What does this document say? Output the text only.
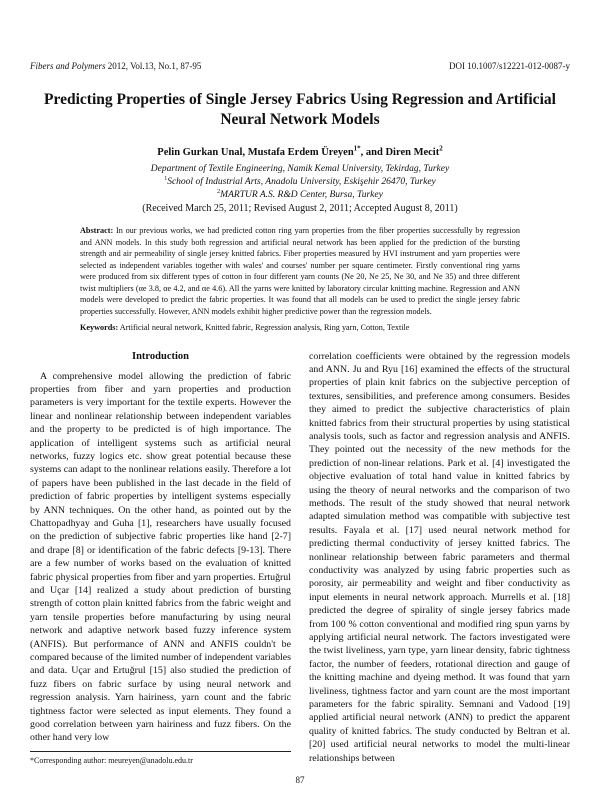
Fibers and Polymers 2012, Vol.13, No.1, 87-95	DOI 10.1007/s12221-012-0087-y
Predicting Properties of Single Jersey Fabrics Using Regression and Artificial Neural Network Models
Pelin Gurkan Unal, Mustafa Erdem Üreyen$^{1*}$, and Diren Mecit$^2$
Department of Textile Engineering, Namik Kemal University, Tekirdag, Turkey
$^1$School of Industrial Arts, Anadolu University, Eskişehir 26470, Turkey
$^2$MARTUR A.S. R&D Center, Bursa, Turkey
(Received March 25, 2011; Revised August 2, 2011; Accepted August 8, 2011)
Abstract: In our previous works, we had predicted cotton ring yarn properties from the fiber properties successfully by regression and ANN models. In this study both regression and artificial neural network has been applied for the prediction of the bursting strength and air permeability of single jersey knitted fabrics. Fiber properties measured by HVI instrument and yarn properties were selected as independent variables together with wales' and courses' number per square centimeter. Firstly conventional ring yarns were produced from six different types of cotton in four different yarn counts (Ne 20, Ne 25, Ne 30, and Ne 35) and three different twist multipliers (αe 3.8, αe 4.2, and αe 4.6). All the yarns were knitted by laboratory circular knitting machine. Regression and ANN models were developed to predict the fabric properties. It was found that all models can be used to predict the single jersey fabric properties successfully. However, ANN models exhibit higher predictive power than the regression models.
Keywords: Artificial neural network, Knitted fabric, Regression analysis, Ring yarn, Cotton, Textile
Introduction

A comprehensive model allowing the prediction of fabric properties from fiber and yarn properties and production parameters is very important for the textile experts. However the linear and nonlinear relationship between independent variables and the property to be predicted is of high importance. The application of intelligent systems such as artificial neural networks, fuzzy logics etc. show great potential because these systems can adapt to the nonlinear relations easily. Therefore a lot of papers have been published in the last decade in the field of prediction of fabric properties by intelligent systems especially by ANN techniques. On the other hand, as pointed out by the Chattopadhyay and Guha [1], researchers have usually focused on the prediction of subjective fabric properties like hand [2-7] and drape [8] or identification of the fabric defects [9-13]. There are a few number of works based on the evaluation of knitted fabric physical properties from fiber and yarn properties. Ertuğrul and Uçar [14] realized a study about prediction of bursting strength of cotton plain knitted fabrics from the fabric weight and yarn tensile properties before manufacturing by using neural network and adaptive network based fuzzy inference system (ANFIS). But performance of ANN and ANFIS couldn't be compared because of the limited number of independent variables and data. Uçar and Ertuğrul [15] also studied the prediction of fuzz fibers on fabric surface by using neural network and regression analysis. Yarn hairiness, yarn count and the fabric tightness factor were selected as input elements. They found a good correlation between yarn hairiness and fuzz fibers. On the other hand very low

*Corresponding author: meureyen@anadolu.edu.tr

correlation coefficients were obtained by the regression models and ANN. Ju and Ryu [16] examined the effects of the structural properties of plain knit fabrics on the subjective perception of textures, sensibilities, and preference among consumers. Besides they aimed to predict the subjective characteristics of plain knitted fabrics from their structural properties by using statistical analysis tools, such as factor and regression analysis and ANFIS. They pointed out the necessity of the new methods for the prediction of non-linear relations. Park et al. [4] investigated the objective evaluation of total hand value in knitted fabrics by using the theory of neural networks and the comparison of two methods. The result of the study showed that neural network adapted simulation method was compatible with subjective test results. Fayala et al. [17] used neural network method for predicting thermal conductivity of jersey knitted fabrics. The nonlinear relationship between fabric parameters and thermal conductivity was analyzed by using fabric properties such as porosity, air permeability and weight and fiber conductivity as input elements in neural network approach. Murrells et al. [18] predicted the degree of spirality of single jersey fabrics made from 100 % cotton conventional and modified ring spun yarns by applying artificial neural network. The factors investigated were the twist liveliness, yarn type, yarn linear density, fabric tightness factor, the number of feeders, rotational direction and gauge of the knitting machine and dyeing method. It was found that yarn liveliness, tightness factor and yarn count are the most important parameters for the fabric spirality. Semnani and Vadood [19] applied artificial neural network (ANN) to predict the apparent quality of knitted fabrics. The study conducted by Beltran et al. [20] used artificial neural networks to model the multi-linear relationships between

87
